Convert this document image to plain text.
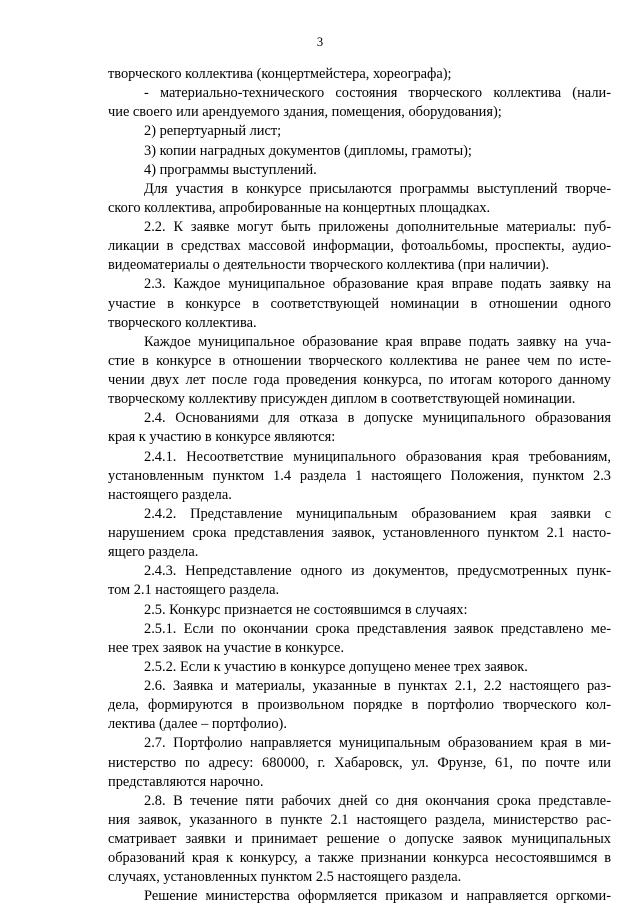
3
творческого коллектива (концертмейстера, хореографа);
- материально-технического состояния творческого коллектива (нали-
чие своего или арендуемого здания, помещения, оборудования);
2) репертуарный лист;
3) копии наградных документов (дипломы, грамоты);
4) программы выступлений.
Для участия в конкурсе присылаются программы выступлений творче-
ского коллектива, апробированные на концертных площадках.
2.2. К заявке могут быть приложены дополнительные материалы: пуб-
ликации в средствах массовой информации, фотоальбомы, проспекты, аудио-
видеоматериалы о деятельности творческого коллектива (при наличии).
2.3. Каждое муниципальное образование края вправе подать заявку на
участие в конкурсе в соответствующей номинации в отношении одного
творческого коллектива.
Каждое муниципальное образование края вправе подать заявку на уча-
стие в конкурсе в отношении творческого коллектива не ранее чем по исте-
чении двух лет после года проведения конкурса, по итогам которого данному
творческому коллективу присужден диплом в соответствующей номинации.
2.4. Основаниями для отказа в допуске муниципального образования
края к участию в конкурсе являются:
2.4.1. Несоответствие муниципального образования края требованиям,
установленным пунктом 1.4 раздела 1 настоящего Положения, пунктом 2.3
настоящего раздела.
2.4.2. Представление муниципальным образованием края заявки с
нарушением срока представления заявок, установленного пунктом 2.1 насто-
ящего раздела.
2.4.3. Непредставление одного из документов, предусмотренных пунк-
том 2.1 настоящего раздела.
2.5. Конкурс признается не состоявшимся в случаях:
2.5.1. Если по окончании срока представления заявок представлено ме-
нее трех заявок на участие в конкурсе.
2.5.2. Если к участию в конкурсе допущено менее трех заявок.
2.6. Заявка и материалы, указанные в пунктах 2.1, 2.2 настоящего раз-
дела, формируются в произвольном порядке в портфолио творческого кол-
лектива (далее – портфолио).
2.7. Портфолио направляется муниципальным образованием края в ми-
нистерство по адресу: 680000, г. Хабаровск, ул. Фрунзе, 61, по почте или
представляются нарочно.
2.8. В течение пяти рабочих дней со дня окончания срока представле-
ния заявок, указанного в пункте 2.1 настоящего раздела, министерство рас-
сматривает заявки и принимает решение о допуске заявок муниципальных
образований края к конкурсу, а также признании конкурса несостоявшимся в
случаях, установленных пунктом 2.5 настоящего раздела.
Решение министерства оформляется приказом и направляется оргкоми-
